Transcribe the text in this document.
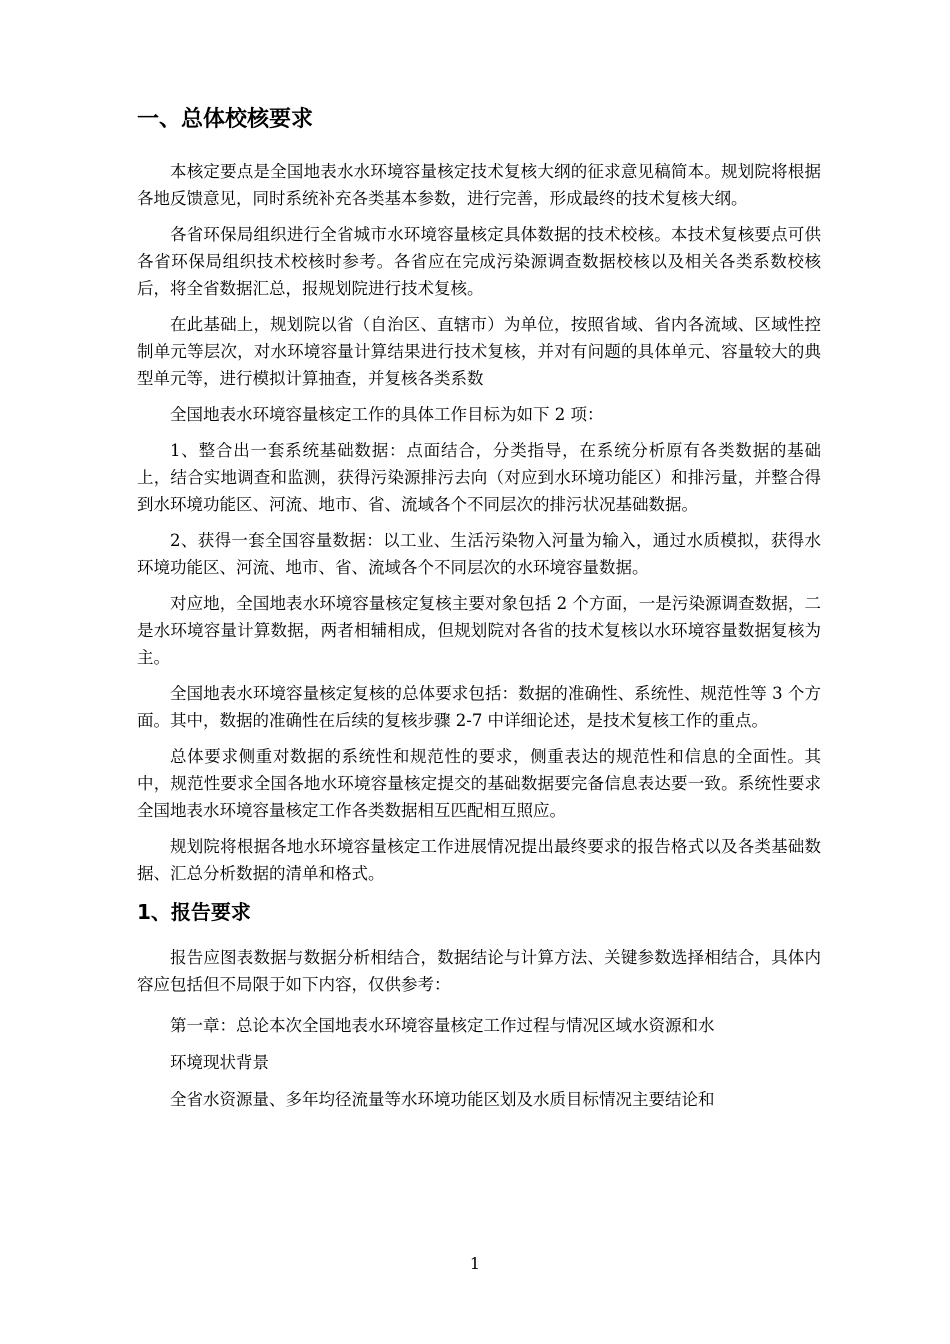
一、总体校核要求

本核定要点是全国地表水水环境容量核定技术复核大纲的征求意见稿简本。规划院将根据各地反馈意见，同时系统补充各类基本参数，进行完善，形成最终的技术复核大纲。

各省环保局组织进行全省城市水环境容量核定具体数据的技术校核。本技术复核要点可供各省环保局组织技术校核时参考。各省应在完成污染源调查数据校核以及相关各类系数校核后，将全省数据汇总，报规划院进行技术复核。

在此基础上，规划院以省（自治区、直辖市）为单位，按照省域、省内各流域、区域性控制单元等层次，对水环境容量计算结果进行技术复核，并对有问题的具体单元、容量较大的典型单元等，进行模拟计算抽查，并复核各类系数

全国地表水环境容量核定工作的具体工作目标为如下 2 项：

1、整合出一套系统基础数据：点面结合，分类指导，在系统分析原有各类数据的基础上，结合实地调查和监测，获得污染源排污去向（对应到水环境功能区）和排污量，并整合得到水环境功能区、河流、地市、省、流域各个不同层次的排污状况基础数据。

2、获得一套全国容量数据：以工业、生活污染物入河量为输入，通过水质模拟，获得水环境功能区、河流、地市、省、流域各个不同层次的水环境容量数据。

对应地，全国地表水环境容量核定复核主要对象包括 2 个方面，一是污染源调查数据，二是水环境容量计算数据，两者相辅相成，但规划院对各省的技术复核以水环境容量数据复核为主。

全国地表水环境容量核定复核的总体要求包括：数据的准确性、系统性、规范性等 3 个方面。其中，数据的准确性在后续的复核步骤 2-7 中详细论述，是技术复核工作的重点。

总体要求侧重对数据的系统性和规范性的要求，侧重表达的规范性和信息的全面性。其中，规范性要求全国各地水环境容量核定提交的基础数据要完备信息表达要一致。系统性要求全国地表水环境容量核定工作各类数据相互匹配相互照应。

规划院将根据各地水环境容量核定工作进展情况提出最终要求的报告格式以及各类基础数据、汇总分析数据的清单和格式。

1、报告要求

报告应图表数据与数据分析相结合，数据结论与计算方法、关键参数选择相结合，具体内容应包括但不局限于如下内容，仅供参考：

第一章：总论本次全国地表水环境容量核定工作过程与情况区域水资源和水

环境现状背景

全省水资源量、多年均径流量等水环境功能区划及水质目标情况主要结论和

1
